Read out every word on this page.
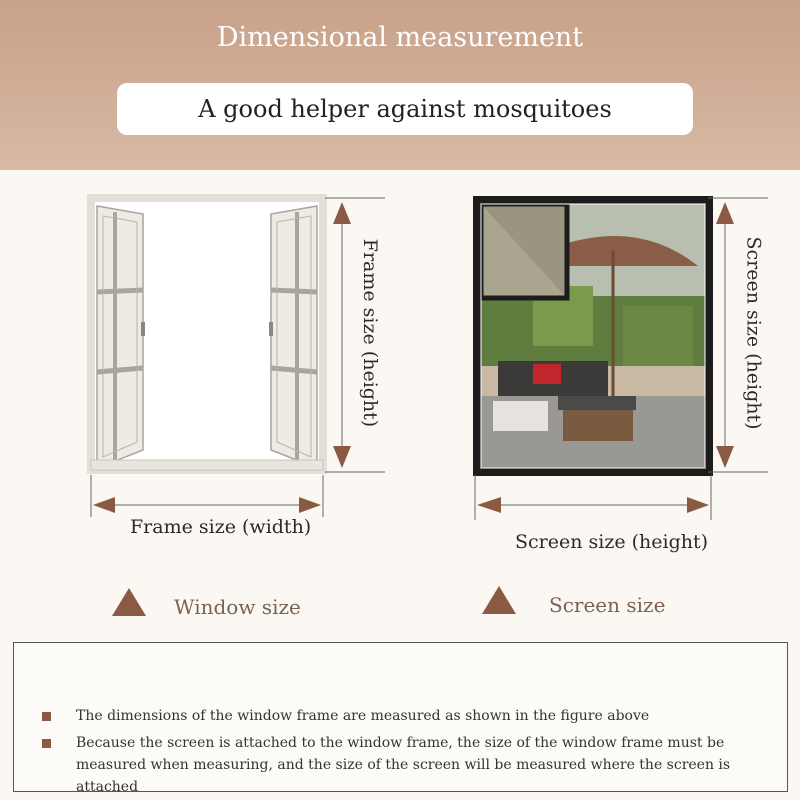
Dimensional measurement
A good helper against mosquitoes
Frame size (height)
Frame size (width)
Screen size (height)
Screen size (height)
Window size	Screen size
The dimensions of the window frame are measured as shown in the figure above
Because the screen is attached to the window frame, the size of the window frame must be measured when measuring, and the size of the screen will be measured where the screen is attached
